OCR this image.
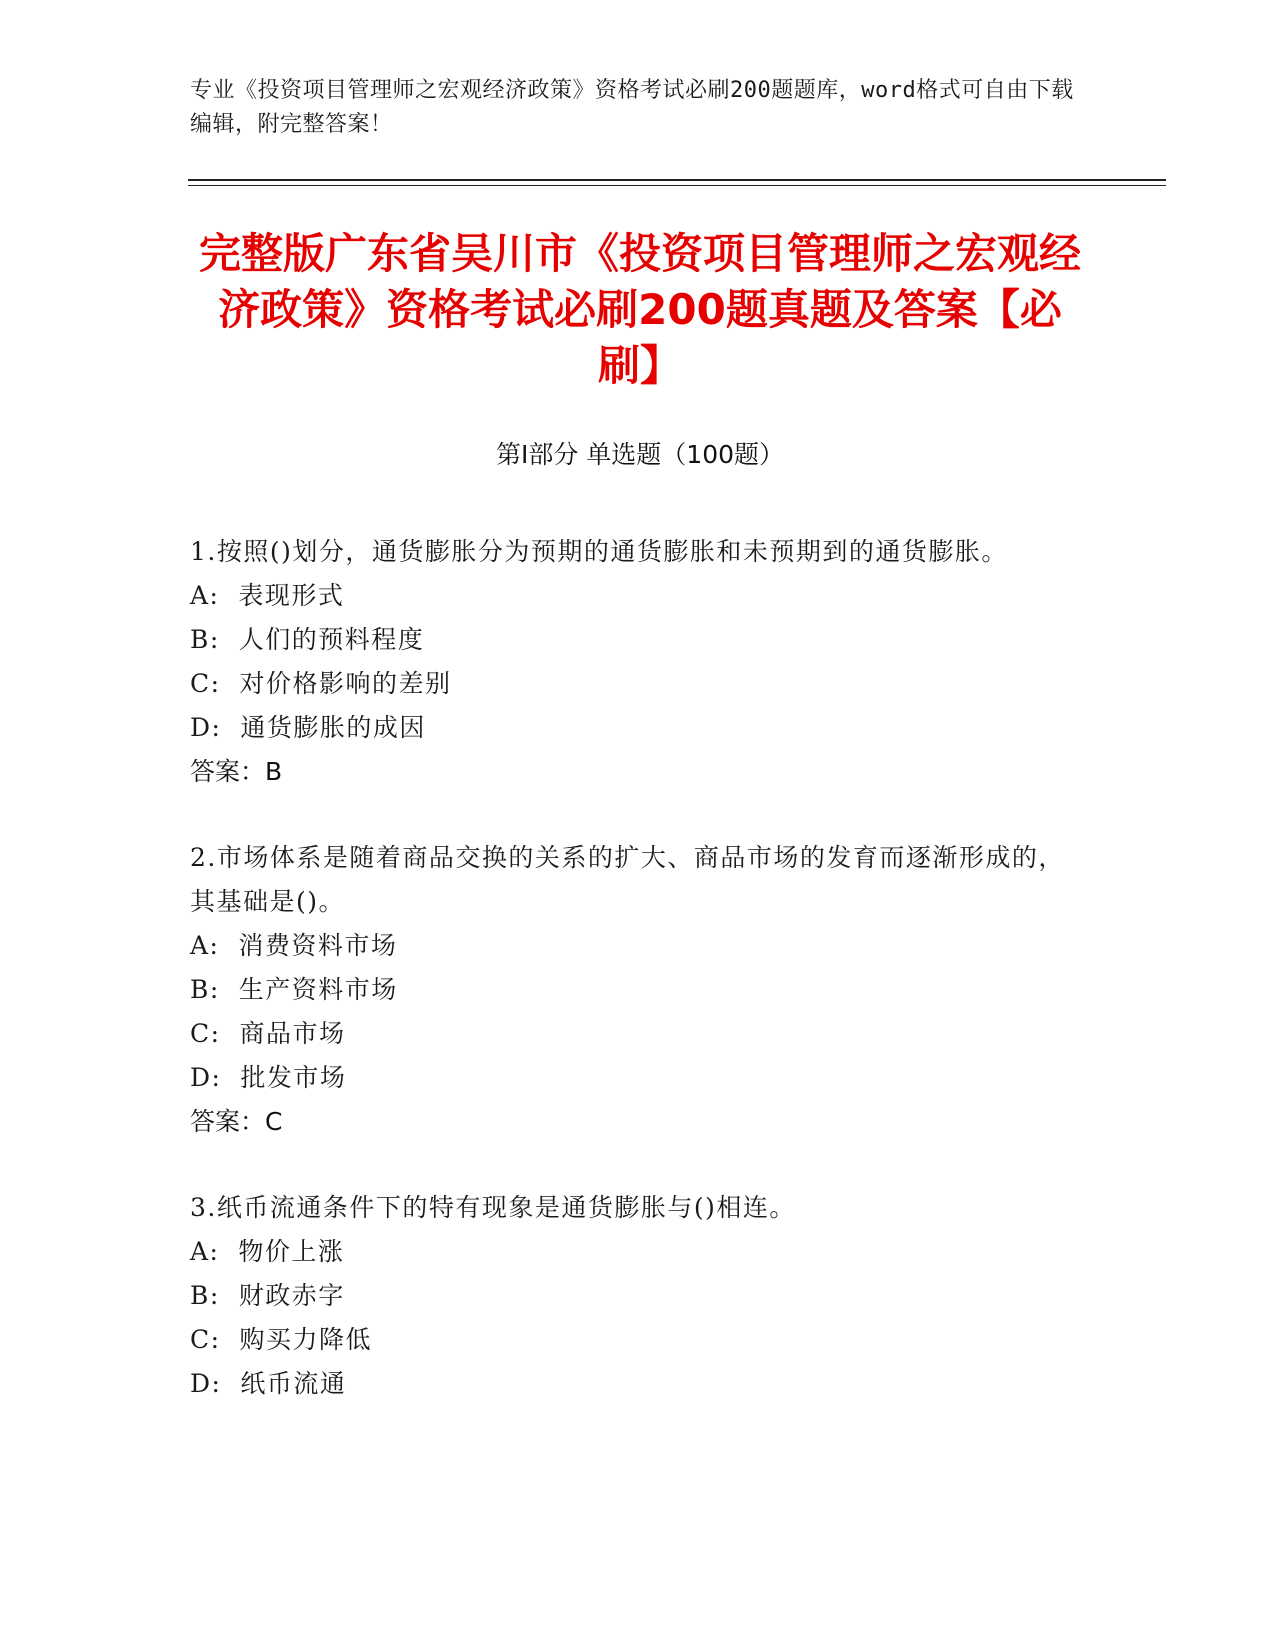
专业《投资项目管理师之宏观经济政策》资格考试必刷200题题库，word格式可自由下载编辑，附完整答案！
完整版广东省吴川市《投资项目管理师之宏观经济政策》资格考试必刷200题真题及答案【必刷】
第I部分 单选题（100题）

1.按照()划分，通货膨胀分为预期的通货膨胀和未预期到的通货膨胀。

A:  表现形式
B:  人们的预料程度
C:  对价格影响的差别
D:  通货膨胀的成因
答案：B

2.市场体系是随着商品交换的关系的扩大、商品市场的发育而逐渐形成的，其基础是()。

A:  消费资料市场
B:  生产资料市场
C:  商品市场
D:  批发市场
答案：C

3.纸币流通条件下的特有现象是通货膨胀与()相连。

A:  物价上涨
B:  财政赤字
C:  购买力降低
D:  纸币流通
